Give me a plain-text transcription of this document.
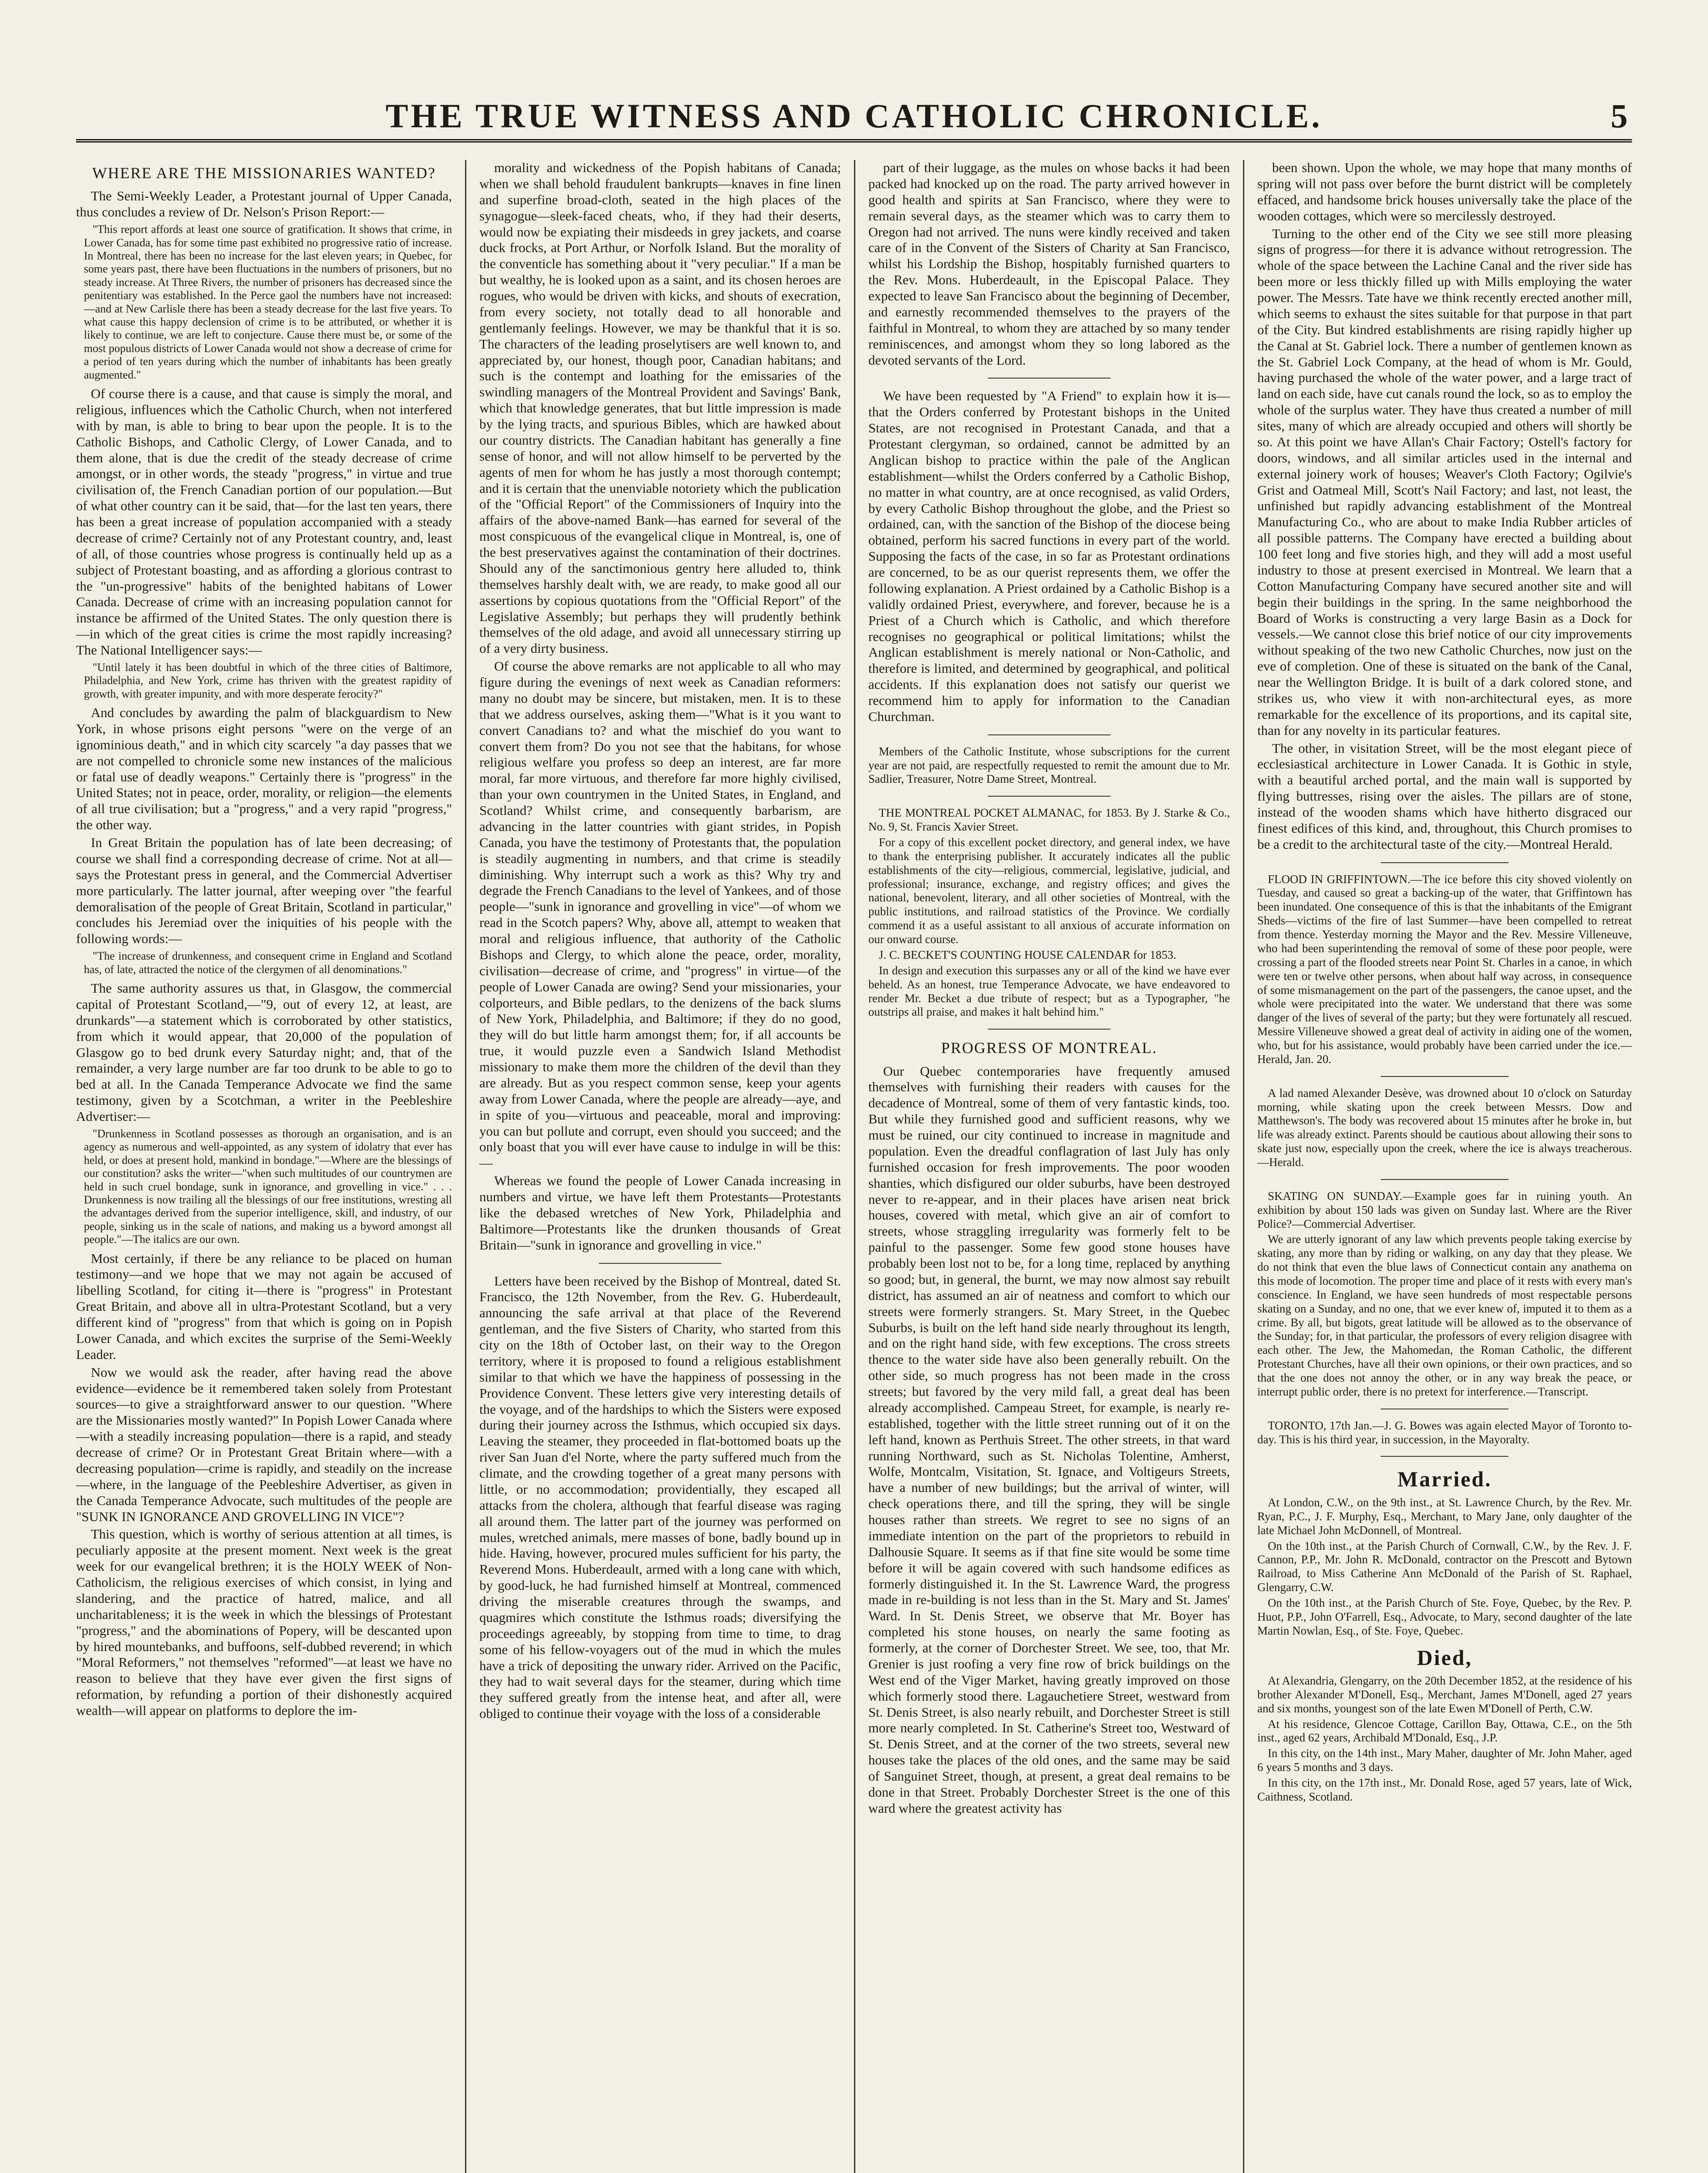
THE TRUE WITNESS AND CATHOLIC CHRONICLE.	5
WHERE ARE THE MISSIONARIES WANTED?

The Semi-Weekly Leader, a Protestant journal of Upper Canada, thus concludes a review of Dr. Nelson's Prison Report:—

"This report affords at least one source of gratification. It shows that crime, in Lower Canada, has for some time past exhibited no progressive ratio of increase. In Montreal, there has been no increase for the last eleven years; in Quebec, for some years past, there have been fluctuations in the numbers of prisoners, but no steady increase. At Three Rivers, the number of prisoners has decreased since the penitentiary was established. In the Perce gaol the numbers have not increased:—and at New Carlisle there has been a steady decrease for the last five years. To what cause this happy declension of crime is to be attributed, or whether it is likely to continue, we are left to conjecture. Cause there must be, or some of the most populous districts of Lower Canada would not show a decrease of crime for a period of ten years during which the number of inhabitants has been greatly augmented."

Of course there is a cause, and that cause is simply the moral, and religious, influences which the Catholic Church, when not interfered with by man, is able to bring to bear upon the people. It is to the Catholic Bishops, and Catholic Clergy, of Lower Canada, and to them alone, that is due the credit of the steady decrease of crime amongst, or in other words, the steady "progress," in virtue and true civilisation of, the French Canadian portion of our population.—But of what other country can it be said, that—for the last ten years, there has been a great increase of population accompanied with a steady decrease of crime? Certainly not of any Protestant country, and, least of all, of those countries whose progress is continually held up as a subject of Protestant boasting, and as affording a glorious contrast to the "un-progressive" habits of the benighted habitans of Lower Canada. Decrease of crime with an increasing population cannot for instance be affirmed of the United States. The only question there is—in which of the great cities is crime the most rapidly increasing? The National Intelligencer says:—

"Until lately it has been doubtful in which of the three cities of Baltimore, Philadelphia, and New York, crime has thriven with the greatest rapidity of growth, with greater impunity, and with more desperate ferocity?"

And concludes by awarding the palm of blackguardism to New York, in whose prisons eight persons "were on the verge of an ignominious death," and in which city scarcely "a day passes that we are not compelled to chronicle some new instances of the malicious or fatal use of deadly weapons." Certainly there is "progress" in the United States; not in peace, order, morality, or religion—the elements of all true civilisation; but a "progress," and a very rapid "progress," the other way.

In Great Britain the population has of late been decreasing; of course we shall find a corresponding decrease of crime. Not at all—says the Protestant press in general, and the Commercial Advertiser more particularly. The latter journal, after weeping over "the fearful demoralisation of the people of Great Britain, Scotland in particular," concludes his Jeremiad over the iniquities of his people with the following words:—

"The increase of drunkenness, and consequent crime in England and Scotland has, of late, attracted the notice of the clergymen of all denominations."

The same authority assures us that, in Glasgow, the commercial capital of Protestant Scotland,—"9, out of every 12, at least, are drunkards"—a statement which is corroborated by other statistics, from which it would appear, that 20,000 of the population of Glasgow go to bed drunk every Saturday night; and, that of the remainder, a very large number are far too drunk to be able to go to bed at all. In the Canada Temperance Advocate we find the same testimony, given by a Scotchman, a writer in the Peebleshire Advertiser:—

"Drunkenness in Scotland possesses as thorough an organisation, and is an agency as numerous and well-appointed, as any system of idolatry that ever has held, or does at present hold, mankind in bondage."—Where are the blessings of our constitution? asks the writer—"when such multitudes of our countrymen are held in such cruel bondage, sunk in ignorance, and grovelling in vice." . . . Drunkenness is now trailing all the blessings of our free institutions, wresting all the advantages derived from the superior intelligence, skill, and industry, of our people, sinking us in the scale of nations, and making us a byword amongst all people."—The italics are our own.

Most certainly, if there be any reliance to be placed on human testimony—and we hope that we may not again be accused of libelling Scotland, for citing it—there is "progress" in Protestant Great Britain, and above all in ultra-Protestant Scotland, but a very different kind of "progress" from that which is going on in Popish Lower Canada, and which excites the surprise of the Semi-Weekly Leader.

Now we would ask the reader, after having read the above evidence—evidence be it remembered taken solely from Protestant sources—to give a straightforward answer to our question. "Where are the Missionaries mostly wanted?" In Popish Lower Canada where—with a steadily increasing population—there is a rapid, and steady decrease of crime? Or in Protestant Great Britain where—with a decreasing population—crime is rapidly, and steadily on the increase—where, in the language of the Peebleshire Advertiser, as given in the Canada Temperance Advocate, such multitudes of the people are "SUNK IN IGNORANCE AND GROVELLING IN VICE"?

This question, which is worthy of serious attention at all times, is peculiarly apposite at the present moment. Next week is the great week for our evangelical brethren; it is the HOLY WEEK of Non-Catholicism, the religious exercises of which consist, in lying and slandering, and the practice of hatred, malice, and all uncharitableness; it is the week in which the blessings of Protestant "progress," and the abominations of Popery, will be descanted upon by hired mountebanks, and buffoons, self-dubbed reverend; in which "Moral Reformers," not themselves "reformed"—at least we have no reason to believe that they have ever given the first signs of reformation, by refunding a portion of their dishonestly acquired wealth—will appear on platforms to deplore the im-

morality and wickedness of the Popish habitans of Canada; when we shall behold fraudulent bankrupts—knaves in fine linen and superfine broad-cloth, seated in the high places of the synagogue—sleek-faced cheats, who, if they had their deserts, would now be expiating their misdeeds in grey jackets, and coarse duck frocks, at Port Arthur, or Norfolk Island. But the morality of the conventicle has something about it "very peculiar." If a man be but wealthy, he is looked upon as a saint, and its chosen heroes are rogues, who would be driven with kicks, and shouts of execration, from every society, not totally dead to all honorable and gentlemanly feelings. However, we may be thankful that it is so. The characters of the leading proselytisers are well known to, and appreciated by, our honest, though poor, Canadian habitans; and such is the contempt and loathing for the emissaries of the swindling managers of the Montreal Provident and Savings' Bank, which that knowledge generates, that but little impression is made by the lying tracts, and spurious Bibles, which are hawked about our country districts. The Canadian habitant has generally a fine sense of honor, and will not allow himself to be perverted by the agents of men for whom he has justly a most thorough contempt; and it is certain that the unenviable notoriety which the publication of the "Official Report" of the Commissioners of Inquiry into the affairs of the above-named Bank—has earned for several of the most conspicuous of the evangelical clique in Montreal, is, one of the best preservatives against the contamination of their doctrines. Should any of the sanctimonious gentry here alluded to, think themselves harshly dealt with, we are ready, to make good all our assertions by copious quotations from the "Official Report" of the Legislative Assembly; but perhaps they will prudently bethink themselves of the old adage, and avoid all unnecessary stirring up of a very dirty business.

Of course the above remarks are not applicable to all who may figure during the evenings of next week as Canadian reformers: many no doubt may be sincere, but mistaken, men. It is to these that we address ourselves, asking them—"What is it you want to convert Canadians to? and what the mischief do you want to convert them from? Do you not see that the habitans, for whose religious welfare you profess so deep an interest, are far more moral, far more virtuous, and therefore far more highly civilised, than your own countrymen in the United States, in England, and Scotland? Whilst crime, and consequently barbarism, are advancing in the latter countries with giant strides, in Popish Canada, you have the testimony of Protestants that, the population is steadily augmenting in numbers, and that crime is steadily diminishing. Why interrupt such a work as this? Why try and degrade the French Canadians to the level of Yankees, and of those people—"sunk in ignorance and grovelling in vice"—of whom we read in the Scotch papers? Why, above all, attempt to weaken that moral and religious influence, that authority of the Catholic Bishops and Clergy, to which alone the peace, order, morality, civilisation—decrease of crime, and "progress" in virtue—of the people of Lower Canada are owing? Send your missionaries, your colporteurs, and Bible pedlars, to the denizens of the back slums of New York, Philadelphia, and Baltimore; if they do no good, they will do but little harm amongst them; for, if all accounts be true, it would puzzle even a Sandwich Island Methodist missionary to make them more the children of the devil than they are already. But as you respect common sense, keep your agents away from Lower Canada, where the people are already—aye, and in spite of you—virtuous and peaceable, moral and improving: you can but pollute and corrupt, even should you succeed; and the only boast that you will ever have cause to indulge in will be this:—

Whereas we found the people of Lower Canada increasing in numbers and virtue, we have left them Protestants—Protestants like the debased wretches of New York, Philadelphia and Baltimore—Protestants like the drunken thousands of Great Britain—"sunk in ignorance and grovelling in vice."

Letters have been received by the Bishop of Montreal, dated St. Francisco, the 12th November, from the Rev. G. Huberdeault, announcing the safe arrival at that place of the Reverend gentleman, and the five Sisters of Charity, who started from this city on the 18th of October last, on their way to the Oregon territory, where it is proposed to found a religious establishment similar to that which we have the happiness of possessing in the Providence Convent. These letters give very interesting details of the voyage, and of the hardships to which the Sisters were exposed during their journey across the Isthmus, which occupied six days. Leaving the steamer, they proceeded in flat-bottomed boats up the river San Juan d'el Norte, where the party suffered much from the climate, and the crowding together of a great many persons with little, or no accommodation; providentially, they escaped all attacks from the cholera, although that fearful disease was raging all around them. The latter part of the journey was performed on mules, wretched animals, mere masses of bone, badly bound up in hide. Having, however, procured mules sufficient for his party, the Reverend Mons. Huberdeault, armed with a long cane with which, by good-luck, he had furnished himself at Montreal, commenced driving the miserable creatures through the swamps, and quagmires which constitute the Isthmus roads; diversifying the proceedings agreeably, by stopping from time to time, to drag some of his fellow-voyagers out of the mud in which the mules have a trick of depositing the unwary rider. Arrived on the Pacific, they had to wait several days for the steamer, during which time they suffered greatly from the intense heat, and after all, were obliged to continue their voyage with the loss of a considerable

part of their luggage, as the mules on whose backs it had been packed had knocked up on the road. The party arrived however in good health and spirits at San Francisco, where they were to remain several days, as the steamer which was to carry them to Oregon had not arrived. The nuns were kindly received and taken care of in the Convent of the Sisters of Charity at San Francisco, whilst his Lordship the Bishop, hospitably furnished quarters to the Rev. Mons. Huberdeault, in the Episcopal Palace. They expected to leave San Francisco about the beginning of December, and earnestly recommended themselves to the prayers of the faithful in Montreal, to whom they are attached by so many tender reminiscences, and amongst whom they so long labored as the devoted servants of the Lord.

We have been requested by "A Friend" to explain how it is—that the Orders conferred by Protestant bishops in the United States, are not recognised in Protestant Canada, and that a Protestant clergyman, so ordained, cannot be admitted by an Anglican bishop to practice within the pale of the Anglican establishment—whilst the Orders conferred by a Catholic Bishop, no matter in what country, are at once recognised, as valid Orders, by every Catholic Bishop throughout the globe, and the Priest so ordained, can, with the sanction of the Bishop of the diocese being obtained, perform his sacred functions in every part of the world. Supposing the facts of the case, in so far as Protestant ordinations are concerned, to be as our querist represents them, we offer the following explanation. A Priest ordained by a Catholic Bishop is a validly ordained Priest, everywhere, and forever, because he is a Priest of a Church which is Catholic, and which therefore recognises no geographical or political limitations; whilst the Anglican establishment is merely national or Non-Catholic, and therefore is limited, and determined by geographical, and political accidents. If this explanation does not satisfy our querist we recommend him to apply for information to the Canadian Churchman.

Members of the Catholic Institute, whose subscriptions for the current year are not paid, are respectfully requested to remit the amount due to Mr. Sadlier, Treasurer, Notre Dame Street, Montreal.

THE MONTREAL POCKET ALMANAC, for 1853. By J. Starke & Co., No. 9, St. Francis Xavier Street.

For a copy of this excellent pocket directory, and general index, we have to thank the enterprising publisher. It accurately indicates all the public establishments of the city—religious, commercial, legislative, judicial, and professional; insurance, exchange, and registry offices; and gives the national, benevolent, literary, and all other societies of Montreal, with the public institutions, and railroad statistics of the Province. We cordially commend it as a useful assistant to all anxious of accurate information on our onward course.

J. C. BECKET'S COUNTING HOUSE CALENDAR for 1853.

In design and execution this surpasses any or all of the kind we have ever beheld. As an honest, true Temperance Advocate, we have endeavored to render Mr. Becket a due tribute of respect; but as a Typographer, "he outstrips all praise, and makes it halt behind him."

PROGRESS OF MONTREAL.

Our Quebec contemporaries have frequently amused themselves with furnishing their readers with causes for the decadence of Montreal, some of them of very fantastic kinds, too. But while they furnished good and sufficient reasons, why we must be ruined, our city continued to increase in magnitude and population. Even the dreadful conflagration of last July has only furnished occasion for fresh improvements. The poor wooden shanties, which disfigured our older suburbs, have been destroyed never to re-appear, and in their places have arisen neat brick houses, covered with metal, which give an air of comfort to streets, whose straggling irregularity was formerly felt to be painful to the passenger. Some few good stone houses have probably been lost not to be, for a long time, replaced by anything so good; but, in general, the burnt, we may now almost say rebuilt district, has assumed an air of neatness and comfort to which our streets were formerly strangers. St. Mary Street, in the Quebec Suburbs, is built on the left hand side nearly throughout its length, and on the right hand side, with few exceptions. The cross streets thence to the water side have also been generally rebuilt. On the other side, so much progress has not been made in the cross streets; but favored by the very mild fall, a great deal has been already accomplished. Campeau Street, for example, is nearly re-established, together with the little street running out of it on the left hand, known as Perthuis Street. The other streets, in that ward running Northward, such as St. Nicholas Tolentine, Amherst, Wolfe, Montcalm, Visitation, St. Ignace, and Voltigeurs Streets, have a number of new buildings; but the arrival of winter, will check operations there, and till the spring, they will be single houses rather than streets. We regret to see no signs of an immediate intention on the part of the proprietors to rebuild in Dalhousie Square. It seems as if that fine site would be some time before it will be again covered with such handsome edifices as formerly distinguished it. In the St. Lawrence Ward, the progress made in re-building is not less than in the St. Mary and St. James' Ward. In St. Denis Street, we observe that Mr. Boyer has completed his stone houses, on nearly the same footing as formerly, at the corner of Dorchester Street. We see, too, that Mr. Grenier is just roofing a very fine row of brick buildings on the West end of the Viger Market, having greatly improved on those which formerly stood there. Lagauchetiere Street, westward from St. Denis Street, is also nearly rebuilt, and Dorchester Street is still more nearly completed. In St. Catherine's Street too, Westward of St. Denis Street, and at the corner of the two streets, several new houses take the places of the old ones, and the same may be said of Sanguinet Street, though, at present, a great deal remains to be done in that Street. Probably Dorchester Street is the one of this ward where the greatest activity has

been shown. Upon the whole, we may hope that many months of spring will not pass over before the burnt district will be completely effaced, and handsome brick houses universally take the place of the wooden cottages, which were so mercilessly destroyed.

Turning to the other end of the City we see still more pleasing signs of progress—for there it is advance without retrogression. The whole of the space between the Lachine Canal and the river side has been more or less thickly filled up with Mills employing the water power. The Messrs. Tate have we think recently erected another mill, which seems to exhaust the sites suitable for that purpose in that part of the City. But kindred establishments are rising rapidly higher up the Canal at St. Gabriel lock. There a number of gentlemen known as the St. Gabriel Lock Company, at the head of whom is Mr. Gould, having purchased the whole of the water power, and a large tract of land on each side, have cut canals round the lock, so as to employ the whole of the surplus water. They have thus created a number of mill sites, many of which are already occupied and others will shortly be so. At this point we have Allan's Chair Factory; Ostell's factory for doors, windows, and all similar articles used in the internal and external joinery work of houses; Weaver's Cloth Factory; Ogilvie's Grist and Oatmeal Mill, Scott's Nail Factory; and last, not least, the unfinished but rapidly advancing establishment of the Montreal Manufacturing Co., who are about to make India Rubber articles of all possible patterns. The Company have erected a building about 100 feet long and five stories high, and they will add a most useful industry to those at present exercised in Montreal. We learn that a Cotton Manufacturing Company have secured another site and will begin their buildings in the spring. In the same neighborhood the Board of Works is constructing a very large Basin as a Dock for vessels.—We cannot close this brief notice of our city improvements without speaking of the two new Catholic Churches, now just on the eve of completion. One of these is situated on the bank of the Canal, near the Wellington Bridge. It is built of a dark colored stone, and strikes us, who view it with non-architectural eyes, as more remarkable for the excellence of its proportions, and its capital site, than for any novelty in its particular features.

The other, in visitation Street, will be the most elegant piece of ecclesiastical architecture in Lower Canada. It is Gothic in style, with a beautiful arched portal, and the main wall is supported by flying buttresses, rising over the aisles. The pillars are of stone, instead of the wooden shams which have hitherto disgraced our finest edifices of this kind, and, throughout, this Church promises to be a credit to the architectural taste of the city.—Montreal Herald.

FLOOD IN GRIFFINTOWN.—The ice before this city shoved violently on Tuesday, and caused so great a backing-up of the water, that Griffintown has been inundated. One consequence of this is that the inhabitants of the Emigrant Sheds—victims of the fire of last Summer—have been compelled to retreat from thence. Yesterday morning the Mayor and the Rev. Messire Villeneuve, who had been superintending the removal of some of these poor people, were crossing a part of the flooded streets near Point St. Charles in a canoe, in which were ten or twelve other persons, when about half way across, in consequence of some mismanagement on the part of the passengers, the canoe upset, and the whole were precipitated into the water. We understand that there was some danger of the lives of several of the party; but they were fortunately all rescued. Messire Villeneuve showed a great deal of activity in aiding one of the women, who, but for his assistance, would probably have been carried under the ice.—Herald, Jan. 20.

A lad named Alexander Desève, was drowned about 10 o'clock on Saturday morning, while skating upon the creek between Messrs. Dow and Matthewson's. The body was recovered about 15 minutes after he broke in, but life was already extinct. Parents should be cautious about allowing their sons to skate just now, especially upon the creek, where the ice is always treacherous.—Herald.

SKATING ON SUNDAY.—Example goes far in ruining youth. An exhibition by about 150 lads was given on Sunday last. Where are the River Police?—Commercial Advertiser.

We are utterly ignorant of any law which prevents people taking exercise by skating, any more than by riding or walking, on any day that they please. We do not think that even the blue laws of Connecticut contain any anathema on this mode of locomotion. The proper time and place of it rests with every man's conscience. In England, we have seen hundreds of most respectable persons skating on a Sunday, and no one, that we ever knew of, imputed it to them as a crime. By all, but bigots, great latitude will be allowed as to the observance of the Sunday; for, in that particular, the professors of every religion disagree with each other. The Jew, the Mahomedan, the Roman Catholic, the different Protestant Churches, have all their own opinions, or their own practices, and so that the one does not annoy the other, or in any way break the peace, or interrupt public order, there is no pretext for interference.—Transcript.

TORONTO, 17th Jan.—J. G. Bowes was again elected Mayor of Toronto to-day. This is his third year, in succession, in the Mayoralty.

Married.

At London, C.W., on the 9th inst., at St. Lawrence Church, by the Rev. Mr. Ryan, P.C., J. F. Murphy, Esq., Merchant, to Mary Jane, only daughter of the late Michael John McDonnell, of Montreal.

On the 10th inst., at the Parish Church of Cornwall, C.W., by the Rev. J. F. Cannon, P.P., Mr. John R. McDonald, contractor on the Prescott and Bytown Railroad, to Miss Catherine Ann McDonald of the Parish of St. Raphael, Glengarry, C.W.

On the 10th inst., at the Parish Church of Ste. Foye, Quebec, by the Rev. P. Huot, P.P., John O'Farrell, Esq., Advocate, to Mary, second daughter of the late Martin Nowlan, Esq., of Ste. Foye, Quebec.

Died,

At Alexandria, Glengarry, on the 20th December 1852, at the residence of his brother Alexander M'Donell, Esq., Merchant, James M'Donell, aged 27 years and six months, youngest son of the late Ewen M'Donell of Perth, C.W.

At his residence, Glencoe Cottage, Carillon Bay, Ottawa, C.E., on the 5th inst., aged 62 years, Archibald M'Donald, Esq., J.P.

In this city, on the 14th inst., Mary Maher, daughter of Mr. John Maher, aged 6 years 5 months and 3 days.

In this city, on the 17th inst., Mr. Donald Rose, aged 57 years, late of Wick, Caithness, Scotland.
